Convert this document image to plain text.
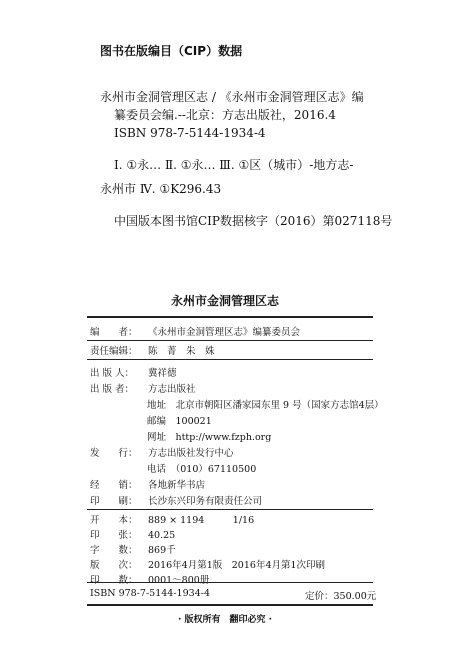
图书在版编目（CIP）数据
永州市金洞管理区志 / 《永州市金洞管理区志》编
纂委员会编.--北京：方志出版社，2016.4
ISBN 978-7-5144-1934-4
Ⅰ. ①永… Ⅱ. ①永… Ⅲ. ①区（城市）-地方志-
永州市 Ⅳ. ①K296.43
中国版本图书馆CIP数据核字（2016）第027118号
永州市金洞管理区志
编　　者： 《永州市金洞管理区志》编纂委员会
责任编辑： 陈　菁　朱　姝
出 版 人： 冀祥德
出 版 者： 方志出版社
地址　北京市朝阳区潘家园东里 9 号（国家方志馆4层）
邮编　100021
网址　http://www.fzph.org
发　　行： 方志出版社发行中心
电话　（010）67110500
经　　销： 各地新华书店
印　　刷： 长沙东兴印务有限责任公司
开　　本： 889 × 1194　　　1/16
印　　张： 40.25
字　　数： 869千
版　　次： 2016年4月第1版　2016年4月第1次印刷
印　　数： 0001～800册
ISBN 978-7-5144-1934-4	定价：350.00元
· 版权所有　翻印必究 ·
